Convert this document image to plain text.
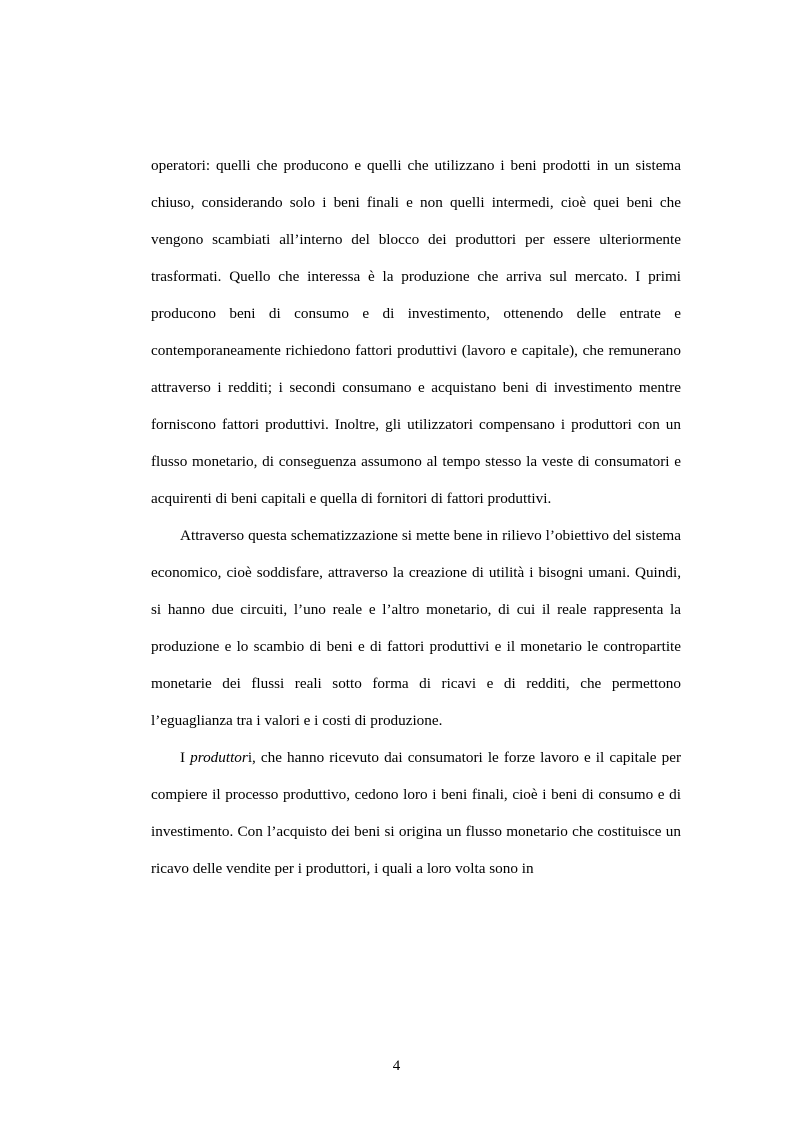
operatori: quelli che producono e quelli che utilizzano i beni prodotti in un sistema chiuso, considerando solo i beni finali e non quelli intermedi, cioè quei beni che vengono scambiati all’interno del blocco dei produttori per essere ulteriormente trasformati. Quello che interessa è la produzione che arriva sul mercato. I primi producono beni di consumo e di investimento, ottenendo delle entrate e contemporaneamente richiedono fattori produttivi (lavoro e capitale), che remunerano attraverso i redditi; i secondi consumano e acquistano beni di investimento mentre forniscono fattori produttivi. Inoltre, gli utilizzatori compensano i produttori con un flusso monetario, di conseguenza assumono al tempo stesso la veste di consumatori e acquirenti di beni capitali e quella di fornitori di fattori produttivi.

Attraverso questa schematizzazione si mette bene in rilievo l’obiettivo del sistema economico, cioè soddisfare, attraverso la creazione di utilità i bisogni umani. Quindi, si hanno due circuiti, l’uno reale e l’altro monetario, di cui il reale rappresenta la produzione e lo scambio di beni e di fattori produttivi e il monetario le contropartite monetarie dei flussi reali sotto forma di ricavi e di redditi, che permettono l’eguaglianza tra i valori e i costi di produzione.

I produttori, che hanno ricevuto dai consumatori le forze lavoro e il capitale per compiere il processo produttivo, cedono loro i beni finali, cioè i beni di consumo e di investimento. Con l’acquisto dei beni si origina un flusso monetario che costituisce un ricavo delle vendite per i produttori, i quali a loro volta sono in

4
